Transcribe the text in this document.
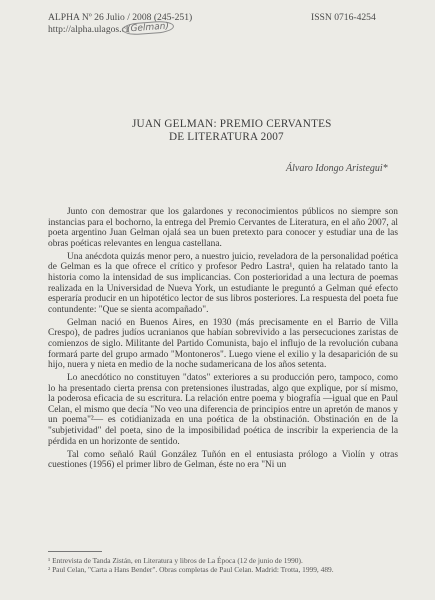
ALPHA Nº 26 Julio / 2008 (245-251)
http://alpha.ulagos.cl
(Gelman)
ISSN 0716-4254
JUAN GELMAN: PREMIO CERVANTES
DE LITERATURA 2007
Álvaro Idongo Aristegui*

Junto con demostrar que los galardones y reconocimientos públicos no siempre son instancias para el bochorno, la entrega del Premio Cervantes de Literatura, en el año 2007, al poeta argentino Juan Gelman ojalá sea un buen pretexto para conocer y estudiar una de las obras poéticas relevantes en lengua castellana.

Una anécdota quizás menor pero, a nuestro juicio, reveladora de la personalidad poética de Gelman es la que ofrece el crítico y profesor Pedro Lastra¹, quien ha relatado tanto la historia como la intensidad de sus implicancias. Con posterioridad a una lectura de poemas realizada en la Universidad de Nueva York, un estudiante le preguntó a Gelman qué efecto esperaría producir en un hipotético lector de sus libros posteriores. La respuesta del poeta fue contundente: "Que se sienta acompañado".

Gelman nació en Buenos Aires, en 1930 (más precisamente en el Barrio de Villa Crespo), de padres judíos ucranianos que habían sobrevivido a las persecuciones zaristas de comienzos de siglo. Militante del Partido Comunista, bajo el influjo de la revolución cubana formará parte del grupo armado "Montoneros". Luego viene el exilio y la desaparición de su hijo, nuera y nieta en medio de la noche sudamericana de los años setenta.

Lo anecdótico no constituyen "datos" exteriores a su producción pero, tampoco, como lo ha presentado cierta prensa con pretensiones ilustradas, algo que explique, por sí mismo, la poderosa eficacia de su escritura. La relación entre poema y biografía —igual que en Paul Celan, el mismo que decía "No veo una diferencia de principios entre un apretón de manos y un poema"²— es cotidianizada en una poética de la obstinación. Obstinación en de la "subjetividad" del poeta, sino de la imposibilidad poética de inscribir la experiencia de la pérdida en un horizonte de sentido.

Tal como señaló Raúl González Tuñón en el entusiasta prólogo a Violín y otras cuestiones (1956) el primer libro de Gelman, éste no era "Ni un

¹ Entrevista de Tanda Zistán, en Literatura y libros de La Época (12 de junio de 1990).

² Paul Celan, "Carta a Hans Bender". Obras completas de Paul Celan. Madrid: Trotta, 1999, 489.
